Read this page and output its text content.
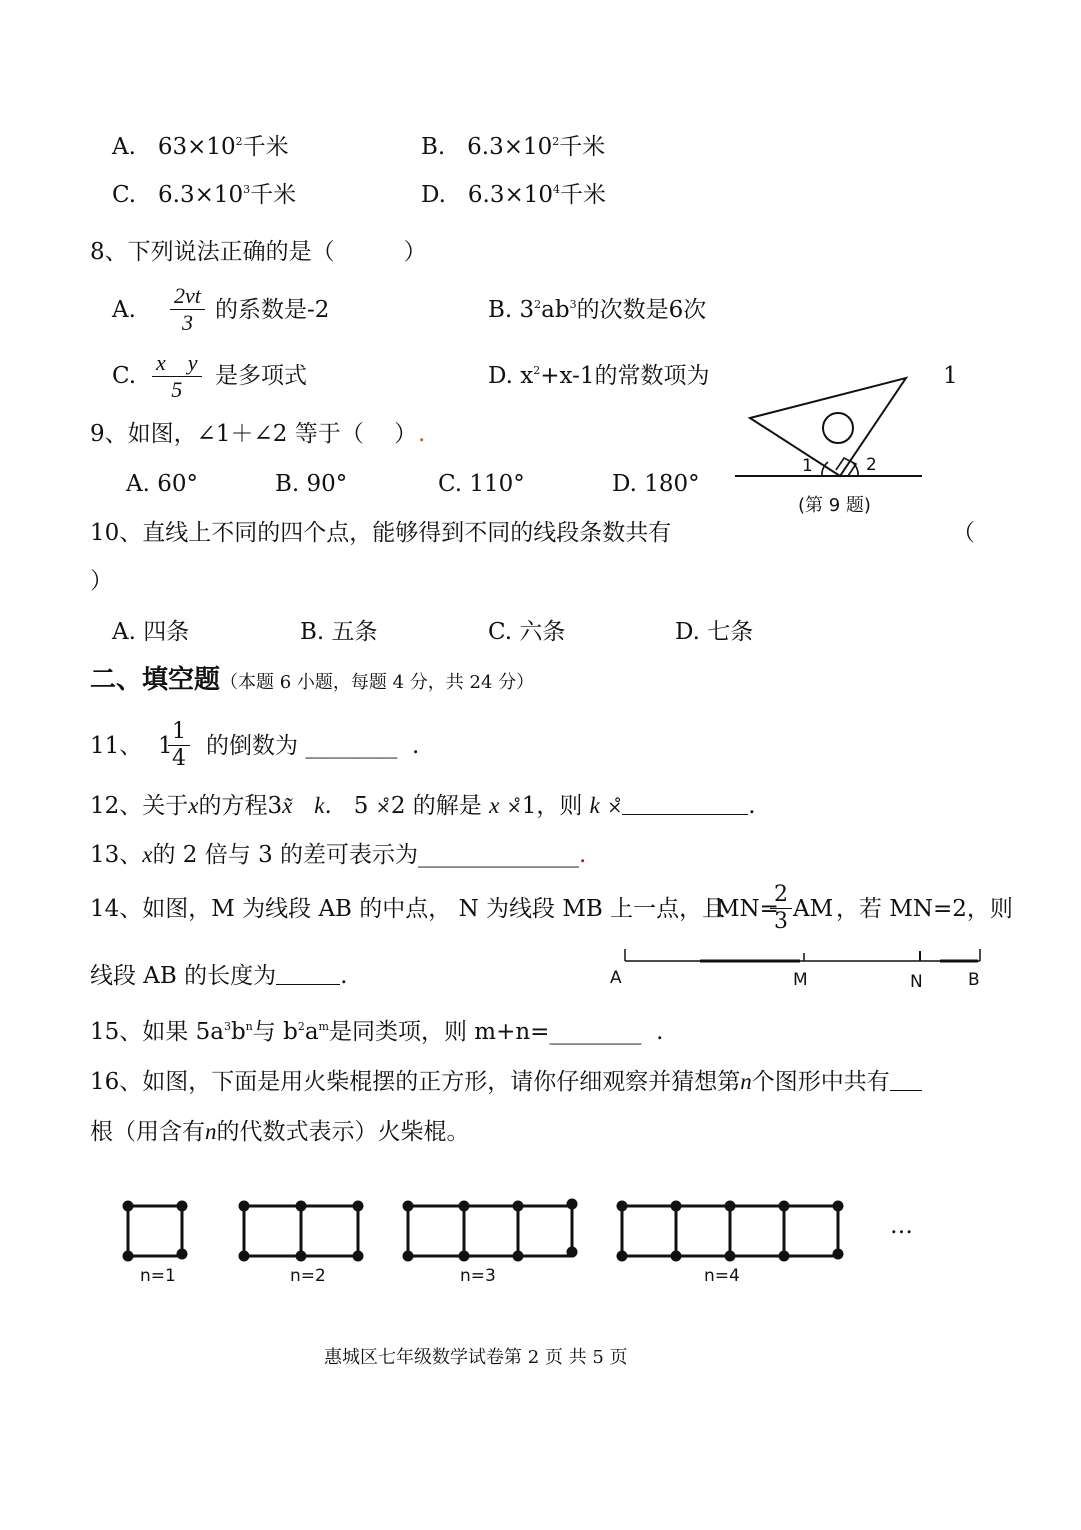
A. $63\times 10^2$千米	B. $6.3\times 10^2$千米
C. $6.3\times 10^3$千米	D. $6.3\times 10^4$千米
8、下列说法正确的是（　　　）
A. $\frac{2vt}{3}$ 的系数是-2	B. $3^2ab^3$的次数是6次
C. $\frac{\text{x    y}}{5}$ 是多项式	D. $x^2+x-1$的常数项为	1
9、如图，∠1＋∠2 等于（　 ） .
A. 60°	B. 90°	C. 110°	D. 180°
1	2
(第 9 题)
10、直线上不同的四个点，能够得到不同的线段条数共有	（
）
A. 四条	B. 五条	C. 六条	D. 七条
二、填空题（本题 6 小题，每题 4 分，共 24 分）
11、 1
$\frac{1}{4}$ 的倒数为 ________ .
12、关于x的方程3x̃ k. 5 ×̊2 的解是 x ×̊1，则 k ×̊	.
13、x的 2 倍与 3 的差可表示为______________.
14、如图，M 为线段 AB 的中点， N 为线段 MB 上一点，且
MN=
$\frac{2}{3}$ AM ，若 MN=2，则
线段 AB 的长度为	.	A	M	N	B
15、如果 $5a^3b^n$与 $b^2a^m$是同类项，则 m+n=________ .
16、如图，下面是用火柴棍摆的正方形，请你仔细观察并猜想第n个图形中共有
根（用含有n的代数式表示）火柴棍。
n=1	n=2	n=3	n=4
…
惠城区七年级数学试卷第 2 页 共 5 页
